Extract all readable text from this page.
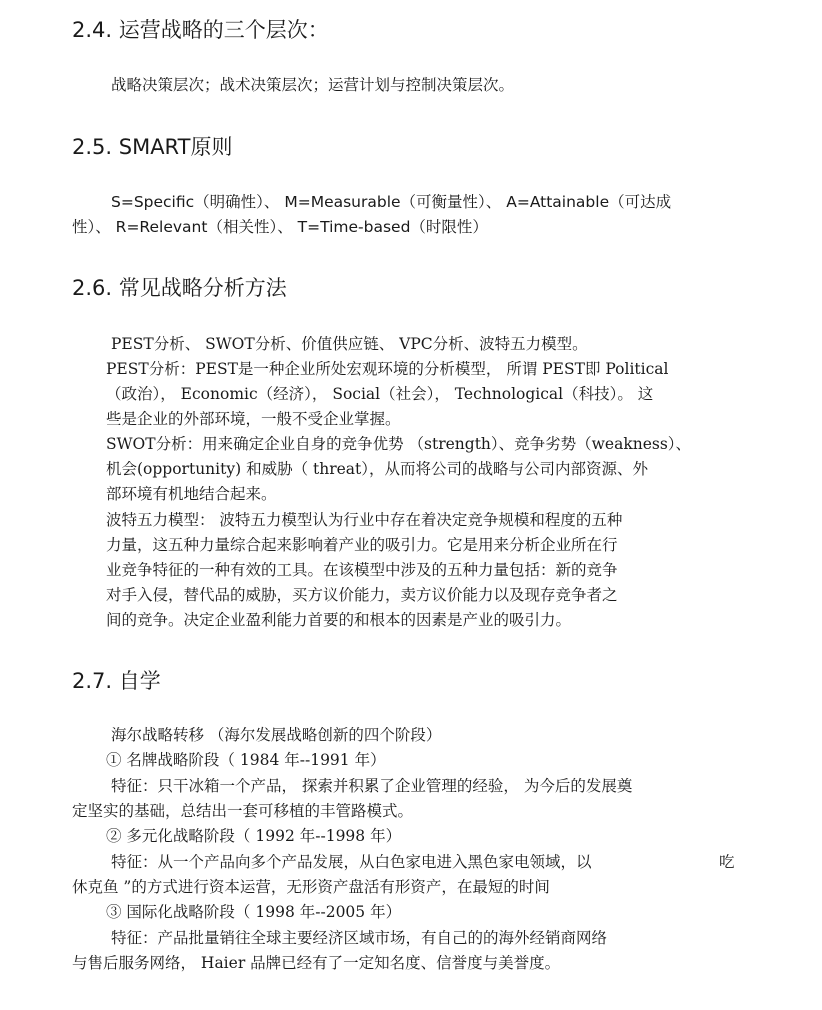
2.4. 运营战略的三个层次：
战略决策层次；战术决策层次；运营计划与控制决策层次。
2.5. SMART原则
S=Specific（明确性）、 M=Measurable（可衡量性）、 A=Attainable（可达成
性）、 R=Relevant（相关性）、 T=Time-based（时限性）
2.6. 常见战略分析方法
PEST分析、 SWOT分析、价值供应链、 VPC分析、波特五力模型。
PEST分析：PEST是一种企业所处宏观环境的分析模型， 所谓 PEST即 Political
（政治）， Economic（经济）， Social（社会）， Technological（科技）。 这
些是企业的外部环境，一般不受企业掌握。
SWOT分析：用来确定企业自身的竞争优势 （strength）、竞争劣势（weakness）、
机会(opportunity) 和威胁（ threat），从而将公司的战略与公司内部资源、外
部环境有机地结合起来。
波特五力模型： 波特五力模型认为行业中存在着决定竞争规模和程度的五种
力量，这五种力量综合起来影响着产业的吸引力。它是用来分析企业所在行
业竞争特征的一种有效的工具。在该模型中涉及的五种力量包括：新的竞争
对手入侵，替代品的威胁，买方议价能力，卖方议价能力以及现存竞争者之
间的竞争。决定企业盈利能力首要的和根本的因素是产业的吸引力。
2.7. 自学
海尔战略转移 （海尔发展战略创新的四个阶段）
① 名牌战略阶段（ 1984 年--1991 年）
特征：只干冰箱一个产品， 探索并积累了企业管理的经验， 为今后的发展奠
定坚实的基础，总结出一套可移植的丰管路模式。
② 多元化战略阶段（ 1992 年--1998 年）
特征：从一个产品向多个产品发展，从白色家电进入黑色家电领域，以	吃
休克鱼 ”的方式进行资本运营，无形资产盘活有形资产，在最短的时间
③ 国际化战略阶段（ 1998 年--2005 年）
特征：产品批量销往全球主要经济区域市场，有自己的的海外经销商网络
与售后服务网络， Haier 品牌已经有了一定知名度、信誉度与美誉度。
